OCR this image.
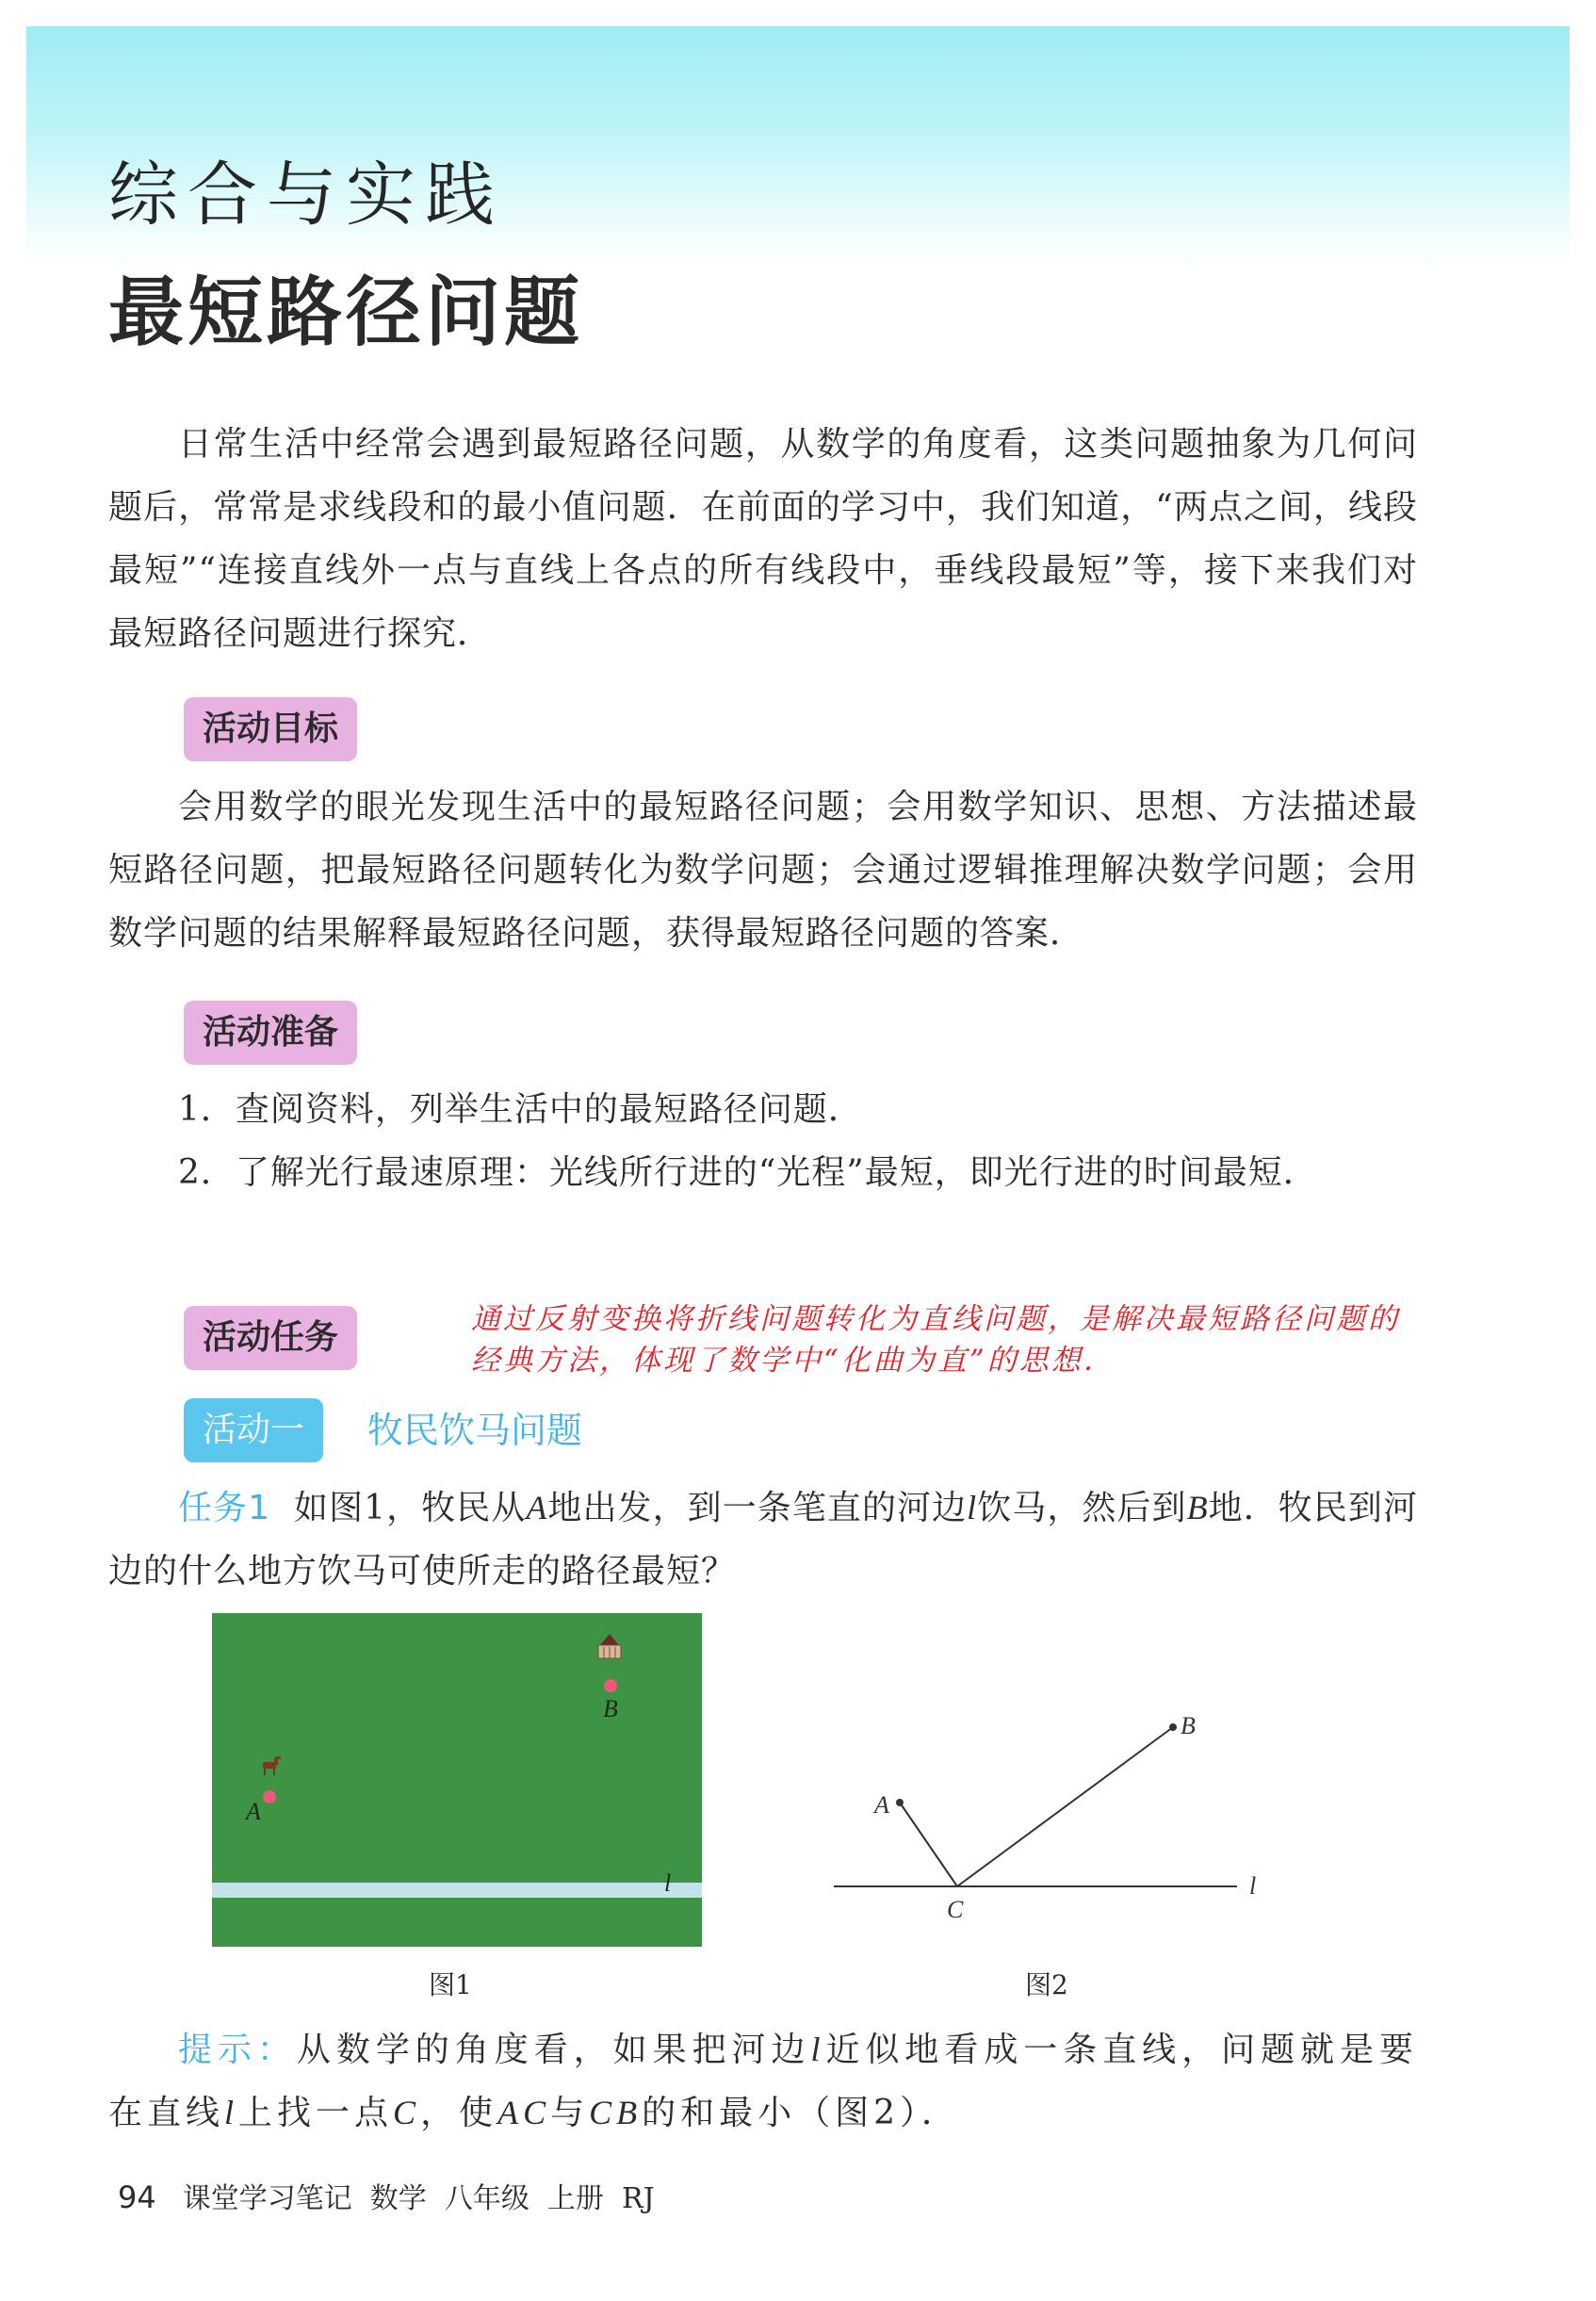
综合与实践
最短路径问题
日常生活中经常会遇到最短路径问题，从数学的角度看，这类问题抽象为几何问题后，常常是求线段和的最小值问题．在前面的学习中，我们知道，“两点之间，线段最短”“连接直线外一点与直线上各点的所有线段中，垂线段最短”等，接下来我们对最短路径问题进行探究．
活动目标
会用数学的眼光发现生活中的最短路径问题；会用数学知识、思想、方法描述最短路径问题，把最短路径问题转化为数学问题；会通过逻辑推理解决数学问题；会用数学问题的结果解释最短路径问题，获得最短路径问题的答案．
活动准备
1．查阅资料，列举生活中的最短路径问题．
2．了解光行最速原理：光线所行进的“光程”最短，即光行进的时间最短．
活动任务	通过反射变换将折线问题转化为直线问题，是解决最短路径问题的经典方法，体现了数学中“化曲为直”的思想．
活动一	牧民饮马问题
任务1 如图1，牧民从A地出发，到一条笔直的河边l饮马，然后到B地．牧民到河边的什么地方饮马可使所走的路径最短？
B
A
l
图1
A
B
C
l
图2
提示：从数学的角度看，如果把河边l近似地看成一条直线，问题就是要在直线l上找一点C，使AC与CB的和最小（图2）．
94 课堂学习笔记  数学  八年级  上册  RJ
